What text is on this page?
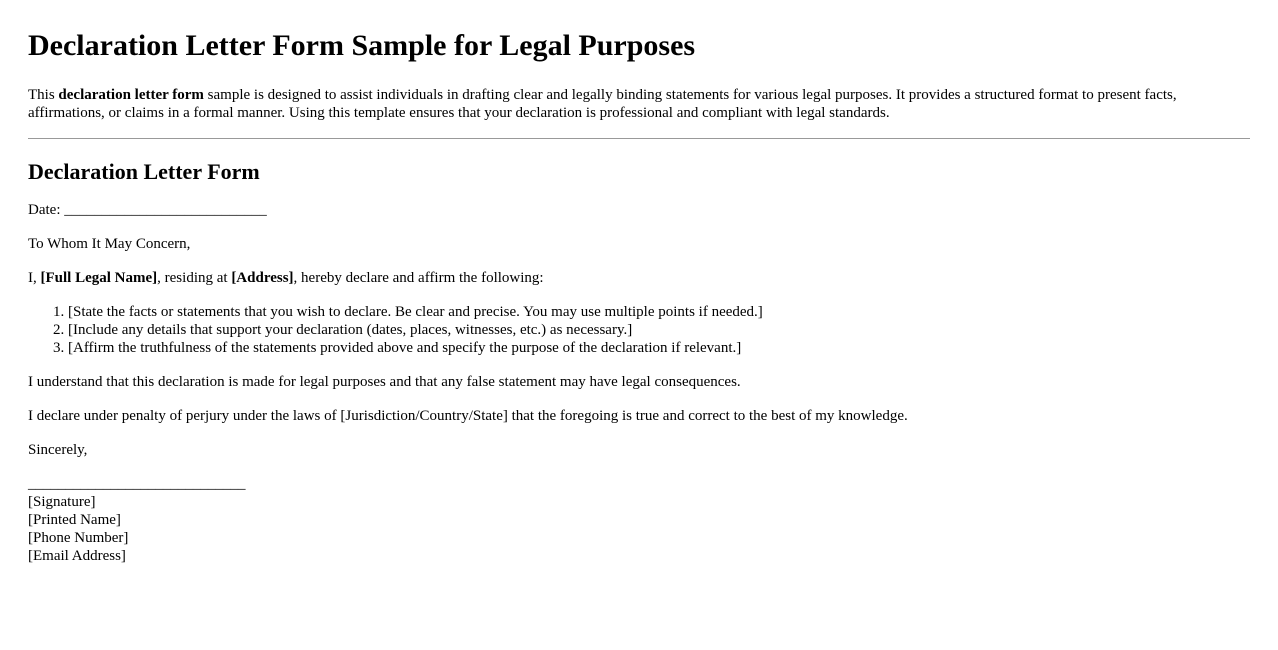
Declaration Letter Form Sample for Legal Purposes

This declaration letter form sample is designed to assist individuals in drafting clear and legally binding statements for various legal purposes. It provides a structured format to present facts, affirmations, or claims in a formal manner. Using this template ensures that your declaration is professional and compliant with legal standards.

Declaration Letter Form

Date: ___________________________

To Whom It May Concern,

I, [Full Legal Name], residing at [Address], hereby declare and affirm the following:

1. [State the facts or statements that you wish to declare. Be clear and precise. You may use multiple points if needed.]
2. [Include any details that support your declaration (dates, places, witnesses, etc.) as necessary.]
3. [Affirm the truthfulness of the statements provided above and specify the purpose of the declaration if relevant.]

I understand that this declaration is made for legal purposes and that any false statement may have legal consequences.

I declare under penalty of perjury under the laws of [Jurisdiction/Country/State] that the foregoing is true and correct to the best of my knowledge.

Sincerely,

_____________________________
[Signature]
[Printed Name]
[Phone Number]
[Email Address]
